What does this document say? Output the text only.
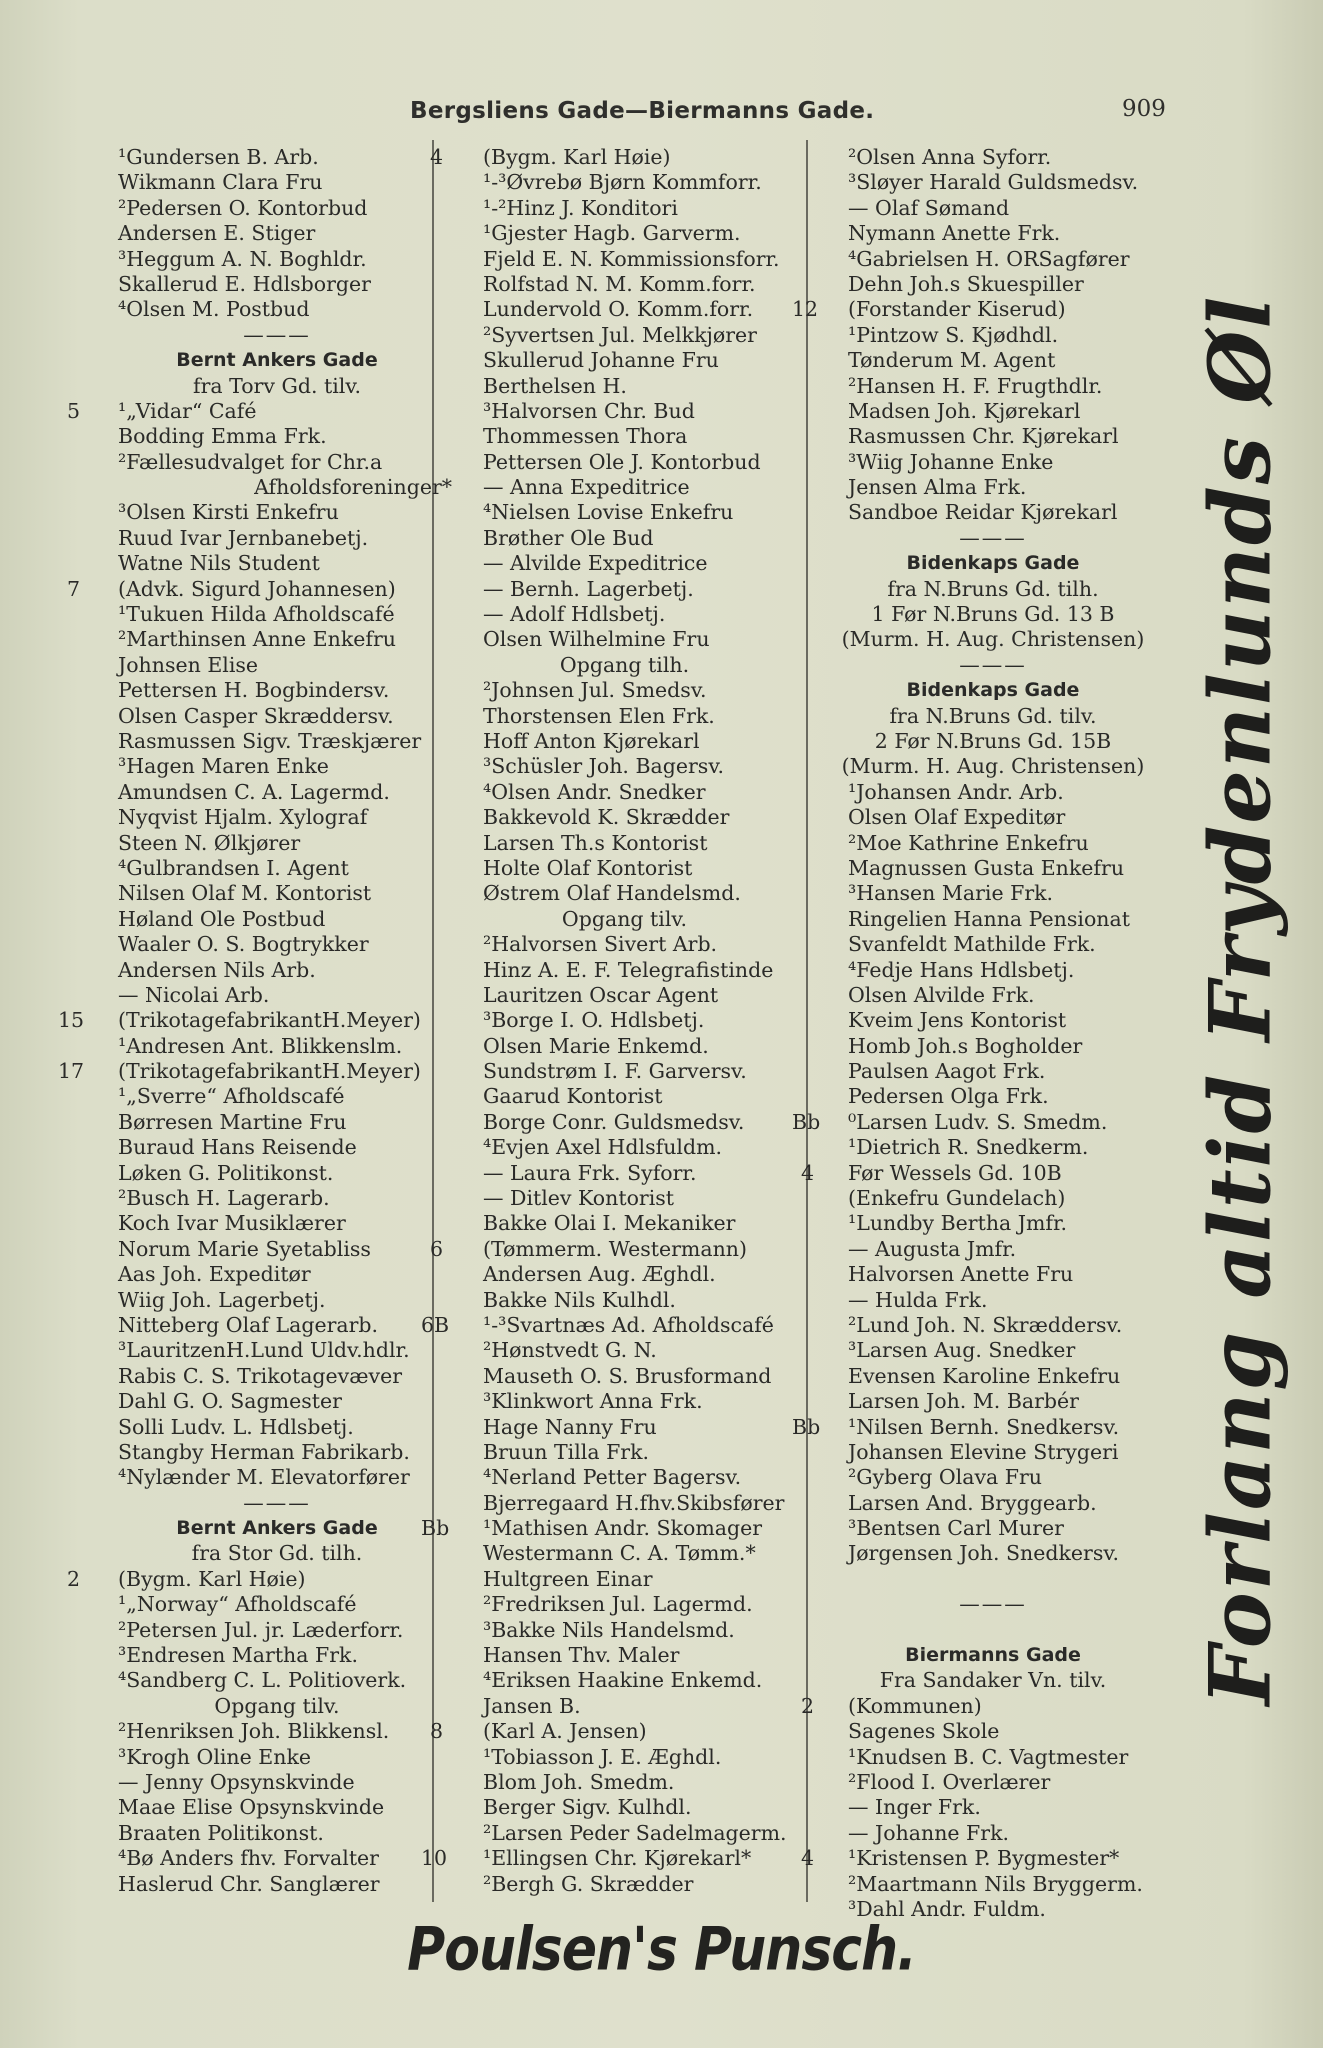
Bergsliens Gade—Biermanns Gade.	909
¹Gundersen B. Arb.
Wikmann Clara Fru
²Pedersen O. Kontorbud
Andersen E. Stiger
³Heggum A. N. Boghldr.
Skallerud E. Hdlsborger
⁴Olsen M. Postbud
———
Bernt Ankers Gade
fra Torv Gd. tilv.
5 ¹„Vidar“ Café
Bodding Emma Frk.
²Fællesudvalget for Chr.a
Afholdsforeninger*
³Olsen Kirsti Enkefru
Ruud Ivar Jernbanebetj.
Watne Nils Student
7 (Advk. Sigurd Johannesen)
¹Tukuen Hilda Afholdscafé
²Marthinsen Anne Enkefru
Johnsen Elise
Pettersen H. Bogbindersv.
Olsen Casper Skræddersv.
Rasmussen Sigv. Træskjærer
³Hagen Maren Enke
Amundsen C. A. Lagermd.
Nyqvist Hjalm. Xylograf
Steen N. Ølkjører
⁴Gulbrandsen I. Agent
Nilsen Olaf M. Kontorist
Høland Ole Postbud
Waaler O. S. Bogtrykker
Andersen Nils Arb.
— Nicolai Arb.
15 (TrikotagefabrikantH.Meyer)
¹Andresen Ant. Blikkenslm.
17 (TrikotagefabrikantH.Meyer)
¹„Sverre“ Afholdscafé
Børresen Martine Fru
Buraud Hans Reisende
Løken G. Politikonst.
²Busch H. Lagerarb.
Koch Ivar Musiklærer
Norum Marie Syetabliss
Aas Joh. Expeditør
Wiig Joh. Lagerbetj.
Nitteberg Olaf Lagerarb.
³LauritzenH.Lund Uldv.hdlr.
Rabis C. S. Trikotagevæver
Dahl G. O. Sagmester
Solli Ludv. L. Hdlsbetj.
Stangby Herman Fabrikarb.
⁴Nylænder M. Elevatorfører
———
Bernt Ankers Gade
fra Stor Gd. tilh.
2 (Bygm. Karl Høie)
¹„Norway“ Afholdscafé
²Petersen Jul. jr. Læderforr.
³Endresen Martha Frk.
⁴Sandberg C. L. Politioverk.
Opgang tilv.
²Henriksen Joh. Blikkensl.
³Krogh Oline Enke
— Jenny Opsynskvinde
Maae Elise Opsynskvinde
Braaten Politikonst.
⁴Bø Anders fhv. Forvalter
Haslerud Chr. Sanglærer
4 (Bygm. Karl Høie)
¹-³Øvrebø Bjørn Kommforr.
¹-²Hinz J. Konditori
¹Gjester Hagb. Garverm.
Fjeld E. N. Kommissionsforr.
Rolfstad N. M. Komm.forr.
Lundervold O. Komm.forr.
²Syvertsen Jul. Melkkjører
Skullerud Johanne Fru
Berthelsen H.
³Halvorsen Chr. Bud
Thommessen Thora
Pettersen Ole J. Kontorbud
— Anna Expeditrice
⁴Nielsen Lovise Enkefru
Brøther Ole Bud
— Alvilde Expeditrice
— Bernh. Lagerbetj.
— Adolf Hdlsbetj.
Olsen Wilhelmine Fru
Opgang tilh.
²Johnsen Jul. Smedsv.
Thorstensen Elen Frk.
Hoff Anton Kjørekarl
³Schüsler Joh. Bagersv.
⁴Olsen Andr. Snedker
Bakkevold K. Skrædder
Larsen Th.s Kontorist
Holte Olaf Kontorist
Østrem Olaf Handelsmd.
Opgang tilv.
²Halvorsen Sivert Arb.
Hinz A. E. F. Telegrafistinde
Lauritzen Oscar Agent
³Borge I. O. Hdlsbetj.
Olsen Marie Enkemd.
Sundstrøm I. F. Garversv.
Gaarud Kontorist
Borge Conr. Guldsmedsv.
⁴Evjen Axel Hdlsfuldm.
— Laura Frk. Syforr.
— Ditlev Kontorist
Bakke Olai I. Mekaniker
6 (Tømmerm. Westermann)
Andersen Aug. Æghdl.
Bakke Nils Kulhdl.
6B ¹-³Svartnæs Ad. Afholdscafé
²Hønstvedt G. N.
Mauseth O. S. Brusformand
³Klinkwort Anna Frk.
Hage Nanny Fru
Bruun Tilla Frk.
⁴Nerland Petter Bagersv.
Bjerregaard H.fhv.Skibsfører
Bb ¹Mathisen Andr. Skomager
Westermann C. A. Tømm.*
Hultgreen Einar
²Fredriksen Jul. Lagermd.
³Bakke Nils Handelsmd.
Hansen Thv. Maler
⁴Eriksen Haakine Enkemd.
Jansen B.
8 (Karl A. Jensen)
¹Tobiasson J. E. Æghdl.
Blom Joh. Smedm.
Berger Sigv. Kulhdl.
²Larsen Peder Sadelmagerm.
10 ¹Ellingsen Chr. Kjørekarl*
²Bergh G. Skrædder
²Olsen Anna Syforr.
³Sløyer Harald Guldsmedsv.
— Olaf Sømand
Nymann Anette Frk.
⁴Gabrielsen H. ORSagfører
Dehn Joh.s Skuespiller
12 (Forstander Kiserud)
¹Pintzow S. Kjødhdl.
Tønderum M. Agent
²Hansen H. F. Frugthdlr.
Madsen Joh. Kjørekarl
Rasmussen Chr. Kjørekarl
³Wiig Johanne Enke
Jensen Alma Frk.
Sandboe Reidar Kjørekarl
———
Bidenkaps Gade
fra N.Bruns Gd. tilh.
1 Før N.Bruns Gd. 13 B
(Murm. H. Aug. Christensen)
———
Bidenkaps Gade
fra N.Bruns Gd. tilv.
2 Før N.Bruns Gd. 15B
(Murm. H. Aug. Christensen)
¹Johansen Andr. Arb.
Olsen Olaf Expeditør
²Moe Kathrine Enkefru
Magnussen Gusta Enkefru
³Hansen Marie Frk.
Ringelien Hanna Pensionat
Svanfeldt Mathilde Frk.
⁴Fedje Hans Hdlsbetj.
Olsen Alvilde Frk.
Kveim Jens Kontorist
Homb Joh.s Bogholder
Paulsen Aagot Frk.
Pedersen Olga Frk.
Bb ⁰Larsen Ludv. S. Smedm.
¹Dietrich R. Snedkerm.
4 Før Wessels Gd. 10B
(Enkefru Gundelach)
¹Lundby Bertha Jmfr.
— Augusta Jmfr.
Halvorsen Anette Fru
— Hulda Frk.
²Lund Joh. N. Skræddersv.
³Larsen Aug. Snedker
Evensen Karoline Enkefru
Larsen Joh. M. Barbér
Bb ¹Nilsen Bernh. Snedkersv.
Johansen Elevine Strygeri
²Gyberg Olava Fru
Larsen And. Bryggearb.
³Bentsen Carl Murer
Jørgensen Joh. Snedkersv.
———
Biermanns Gade
Fra Sandaker Vn. tilv.
2 (Kommunen)
Sagenes Skole
¹Knudsen B. C. Vagtmester
²Flood I. Overlærer
— Inger Frk.
— Johanne Frk.
4 ¹Kristensen P. Bygmester*
²Maartmann Nils Bryggerm.
³Dahl Andr. Fuldm.
Forlang altid Frydenlunds Øl
Poulsen's Punsch.
